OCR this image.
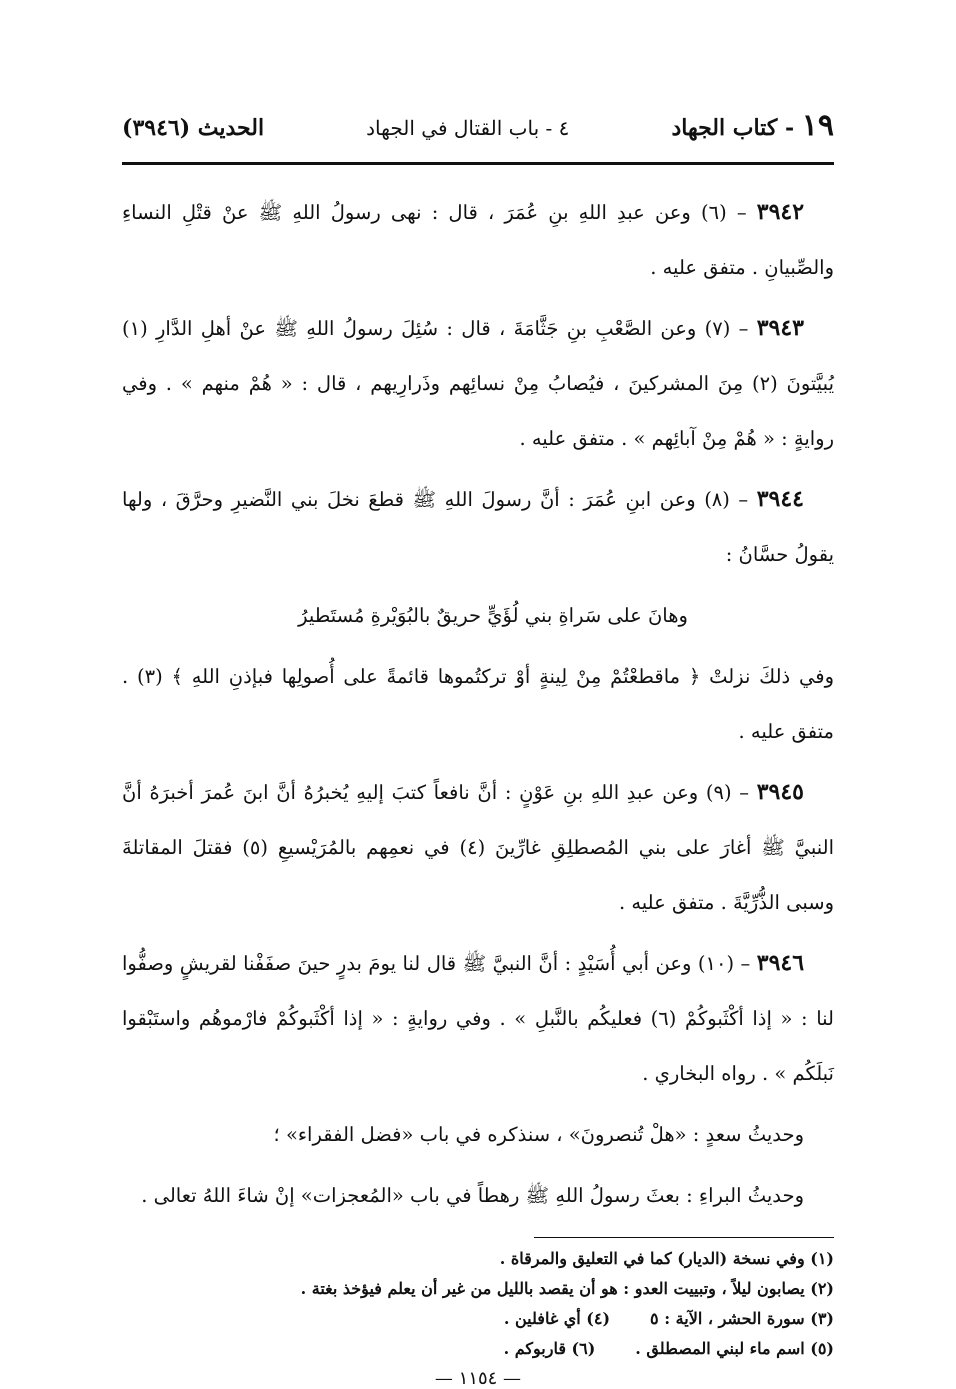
١٩ - كتاب الجهاد
٤ - باب القتال في الجهاد
الحديث (٣٩٤٦)

٣٩٤٢ – (٦) وعن عبدِ اللهِ بنِ عُمَرَ ، قال : نهى رسولُ اللهِ ﷺ عنْ قتْلِ النساءِ والصِّبيانِ . متفق عليه .

٣٩٤٣ – (٧) وعن الصَّعْبِ بنِ جَثَّامَةَ ، قال : سُئِلَ رسولُ اللهِ ﷺ عنْ أهلِ الدَّارِ (١) يُبيَّتونَ (٢) مِنَ المشركينَ ، فيُصابُ مِنْ نسائِهم وذَرارِيهم ، قال : « هُمْ منهم » . وفي روايةٍ : « هُمْ مِنْ آبائِهم » . متفق عليه .

٣٩٤٤ – (٨) وعن ابنِ عُمَرَ : أنَّ رسولَ اللهِ ﷺ قطعَ نخلَ بني النَّضيرِ وحرَّقَ ، ولها يقولُ حسَّانُ :

وهانَ على سَراةِ بني لُؤَيٍّ حريقٌ بالبُوَيْرةِ مُستَطيرُ

وفي ذلكَ نزلتْ ﴿ ماقطعْتُمْ مِنْ لِينةٍ أوْ تركتُموها قائمةً على أُصولِها فبإذنِ اللهِ ﴾ (٣) . متفق عليه .

٣٩٤٥ – (٩) وعن عبدِ اللهِ بنِ عَوْنٍ : أنَّ نافعاً كتبَ إليهِ يُخبرُهُ أنَّ ابنَ عُمرَ أخبرَهُ أنَّ النبيَّ ﷺ أغارَ على بني المُصطلِقِ غارِّينَ (٤) في نعمِهم بالمُرَيْسيعِ (٥) فقتلَ المقاتلةَ وسبى الذُّرِّيَّةَ . متفق عليه .

٣٩٤٦ – (١٠) وعن أبي أُسَيْدٍ : أنَّ النبيَّ ﷺ قال لنا يومَ بدرٍ حينَ صفَفْنا لقريشٍ وصفُّوا لنا : « إذا أكْثَبوكُمْ (٦) فعليكُم بالنَّبلِ » . وفي روايةٍ : « إذا أكْثَبوكُمْ فارْموهُم واستَبْقوا نَبلَكُم » . رواه البخاري .

وحديثُ سعدٍ : «هلْ تُنصرونَ» ، سنذكره في باب «فضل الفقراء» ؛

وحديثُ البراءِ : بعثَ رسولُ اللهِ ﷺ رهطاً في باب «المُعجزات» إنْ شاءَ اللهُ تعالى .

(١) وفي نسخة (الديار) كما في التعليق والمرقاة .
(٢) يصابون ليلاً ، وتبييت العدو : هو أن يقصد بالليل من غير أن يعلم فيؤخذ بغتة .
(٣) سورة الحشر ، الآية : ٥
(٤) أي غافلين .
(٥) اسم ماء لبني المصطلق .
(٦) قاربوكم .
— ١١٥٤ —
